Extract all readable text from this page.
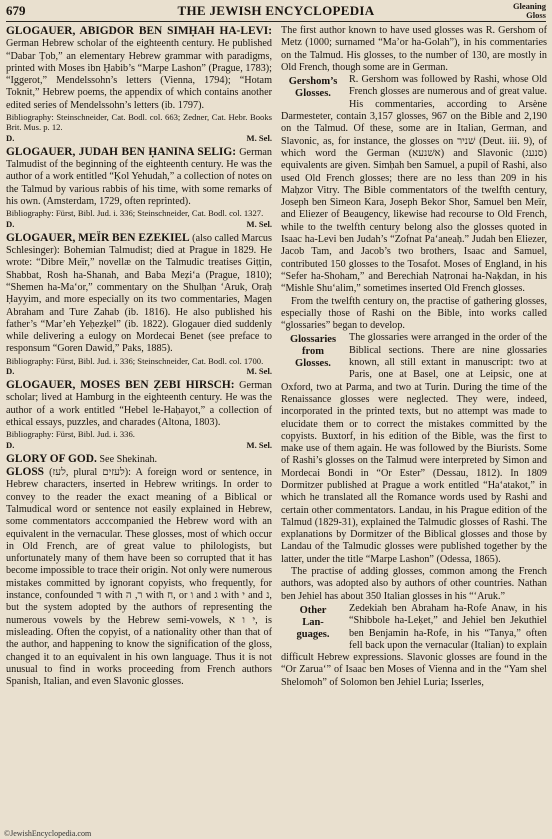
679	THE JEWISH ENCYCLOPEDIA	Gleaning
Gloss

GLOGAUER, ABIGDOR BEN SIMḤAH HA-LEVI: German Hebrew scholar of the eighteenth century. He published “Dabar Ṭob,” an elementary Hebrew grammar with paradigms, printed with Moses ibn Ḥabib’s “Marpe Lashon” (Prague, 1783); “Iggerot,” Mendelssohn’s letters (Vienna, 1794); “Hotam Toknit,” Hebrew poems, the appendix of which contains another edited series of Mendelssohn’s letters (ib. 1797).

Bibliography: Steinschneider, Cat. Bodl. col. 663; Zedner, Cat. Hebr. Books Brit. Mus. p. 12.

D.	M. Sel.

GLOGAUER, JUDAH BEN ḤANINA SELIG: German Talmudist of the beginning of the eighteenth century. He was the author of a work entitled “Ḳol Yehudah,” a collection of notes on the Talmud by various rabbis of his time, with some remarks of his own. (Amsterdam, 1729, often reprinted).

Bibliography: Fürst, Bibl. Jud. i. 336; Steinschneider, Cat. Bodl. col. 1327.

D.	M. Sel.

GLOGAUER, MEÏR BEN EZEKIEL (also called Marcus Schlesinger): Bohemian Talmudist; died at Prague in 1829. He wrote: “Dibre Meïr,” novellæ on the Talmudic treatises Giṭṭin, Shabbat, Rosh ha-Shanah, and Baba Meẓi‘a (Prague, 1810); “Shemen ha-Ma‘or,” commentary on the Shulḥan ‘Aruk, Oraḥ Ḥayyim, and more especially on its two commentaries, Magen Abraham and Ture Zahab (ib. 1816). He also published his father’s “Mar’eh Yeḥezḳel” (ib. 1822). Glogauer died suddenly while delivering a eulogy on Mordecai Benet (see preface to responsum “Goren Dawid,” Paks, 1885).

Bibliography: Fürst, Bibl. Jud. i. 336; Steinschneider, Cat. Bodl. col. 1700.

D.	M. Sel.

GLOGAUER, MOSES BEN ẒEBI HIRSCH: German scholar; lived at Hamburg in the eighteenth century. He was the author of a work entitled “Hebel le-Haḥayot,” a collection of ethical essays, puzzles, and charades (Altona, 1803).

Bibliography: Fürst, Bibl. Jud. i. 336.

D.	M. Sel.

GLORY OF GOD. See Shekinah.

GLOSS (לעז, plural לעזים): A foreign word or sentence, in Hebrew characters, inserted in Hebrew writings. In order to convey to the reader the exact meaning of a Biblical or Talmudical word or sentence not easily explained in Hebrew, some commentators acccompanied the Hebrew word with an equivalent in the vernacular. These glosses, most of which occur in Old French, are of great value to philologists, but unfortunately many of them have been so corrupted that it has become impossible to trace their origin. Not only were numerous mistakes committed by ignorant copyists, who frequently, for instance, confounded ד with ר, ה with ח, or ו and ג with י and נ, but the system adopted by the authors of representing the numerous vowels by the Hebrew semi-vowels, י ו א, is misleading. Often the copyist, of a nationality other than that of the author, and happening to know the signification of the gloss, changed it to an equivalent in his own language. Thus it is not unusual to find in works proceeding from French authors Spanish, Italian, and even Slavonic glosses.

The first author known to have used glosses was R. Gershom of Metz (1000; surnamed “Ma’or ha-Golah”), in his commentaries on the Talmud. His glosses, to the number of 130, are mostly in Old French, though some are in German.

Gershom’s
Glosses.
R. Gershom was followed by Rashi, whose Old French glosses are numerous and of great value. His commentaries, according to Arsène Darmesteter, contain 3,157 glosses, 967 on the Bible and 2,190 on the Talmud. Of these, some are in Italian, German, and Slavonic, as, for instance, the glosses on שׁניר (Deut. iii. 9), of which word the German (אשׁנעא) and Slavonic (סנעג) equivalents are given. Simḥah ben Samuel, a pupil of Rashi, also used Old French glosses; there are no less than 209 in his Maḥzor Vitry. The Bible commentators of the twelfth century, Joseph ben Simeon Kara, Joseph Bekor Shor, Samuel ben Meïr, and Eliezer of Beaugency, likewise had recourse to Old French, while to the twelfth century belong also the glosses quoted in Isaac ha-Levi ben Judah’s “Zofnat Pa‘aneaḥ.” Judah ben Eliezer, Jacob Tam, and Jacob’s two brothers, Isaac and Samuel, contributed 150 glosses to the Tosafot. Moses of England, in his “Sefer ha-Shoham,” and Berechiah Naṭronai ha-Naḳdan, in his “Mishle Shu‘alim,” sometimes inserted Old French glosses.

From the twelfth century on, the practise of gathering glosses, especially those of Rashi on the Bible, into works called “glossaries” began to develop.

Glossaries
from
Glosses.
The glossaries were arranged in the order of the Biblical sections. There are nine glossaries known, all still extant in manuscript: two at Paris, one at Basel, one at Leipsic, one at Oxford, two at Parma, and two at Turin. During the time of the Renaissance glosses were neglected. They were, indeed, incorporated in the printed texts, but no attempt was made to elucidate them or to correct the mistakes committed by the copyists. Buxtorf, in his edition of the Bible, was the first to make use of them again. He was followed by the Biurists. Some of Rashi’s glosses on the Talmud were interpreted by Simon and Mordecai Bondi in “Or Ester” (Dessau, 1812). In 1809 Dormitzer published at Prague a work entitled “Ha‘atakot,” in which he translated all the Romance words used by Rashi and certain other commentators. Landau, in his Prague edition of the Talmud (1829-31), explained the Talmudic glosses of Rashi. The explanations by Dormitzer of the Biblical glosses and those by Landau of the Talmudic glosses were published together by the latter, under the title “Marpe Lashon” (Odessa, 1865).

The practise of adding glosses, common among the French authors, was adopted also by authors of other countries. Nathan ben Jehiel has about 350 Italian glosses in his “‘Aruk.”

Other
Lan-
guages.
Zedekiah ben Abraham ha-Rofe Anaw, in his “Shibbole ha-Leḳet,” and Jehiel ben Jekuthiel ben Benjamin ha-Rofe, in his “Tanya,” often fell back upon the vernacular (Italian) to explain difficult Hebrew expressions. Slavonic glosses are found in the “Or Zarua‘” of Isaac ben Moses of Vienna and in the “Yam shel Shelomoh” of Solomon ben Jehiel Luria; Isserles,

©JewishEncyclopedia.com
